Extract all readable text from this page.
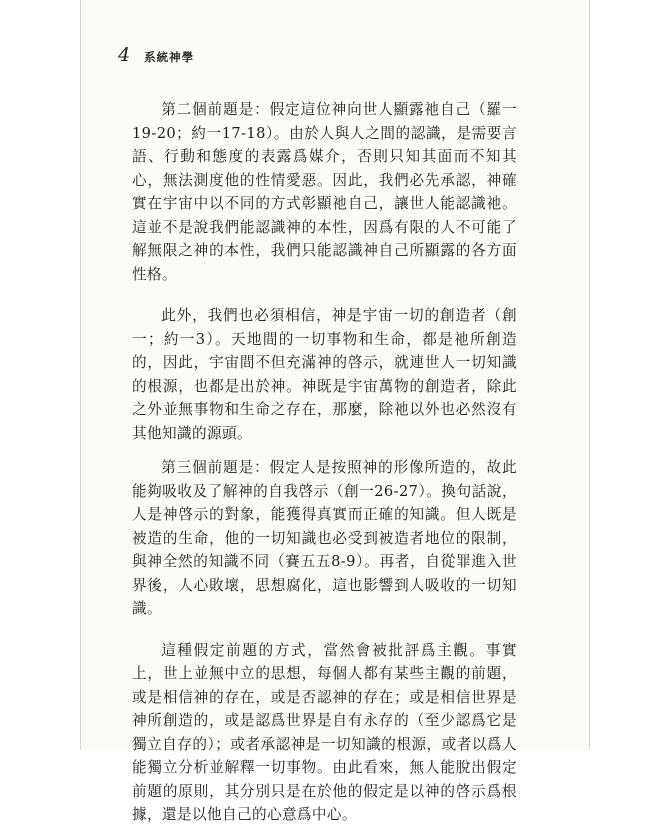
4 系統神學

第二個前題是：假定這位神向世人顯露祂自己（羅一19-20；約一17-18）。由於人與人之間的認識，是需要言語、行動和態度的表露爲媒介，否則只知其面而不知其心，無法測度他的性情愛惡。因此，我們必先承認，神確實在宇宙中以不同的方式彰顯祂自己，讓世人能認識祂。這並不是說我們能認識神的本性，因爲有限的人不可能了解無限之神的本性，我們只能認識神自己所顯露的各方面性格。

此外，我們也必須相信，神是宇宙一切的創造者（創一；約一3）。天地間的一切事物和生命，都是祂所創造的，因此，宇宙間不但充滿神的啓示，就連世人一切知識的根源，也都是出於神。神既是宇宙萬物的創造者，除此之外並無事物和生命之存在，那麼，除祂以外也必然沒有其他知識的源頭。

第三個前題是：假定人是按照神的形像所造的，故此能夠吸收及了解神的自我啓示（創一26-27）。換句話說，人是神啓示的對象，能獲得真實而正確的知識。但人既是被造的生命，他的一切知識也必受到被造者地位的限制，與神全然的知識不同（賽五五8-9）。再者，自從罪進入世界後，人心敗壞，思想腐化，這也影響到人吸收的一切知識。

這種假定前題的方式，當然會被批評爲主觀。事實上，世上並無中立的思想，每個人都有某些主觀的前題，或是相信神的存在，或是否認神的存在；或是相信世界是神所創造的，或是認爲世界是自有永存的（至少認爲它是獨立自存的）；或者承認神是一切知識的根源，或者以爲人能獨立分析並解釋一切事物。由此看來，無人能脫出假定前題的原則，其分別只是在於他的假定是以神的啓示爲根據，還是以他自己的心意爲中心。
